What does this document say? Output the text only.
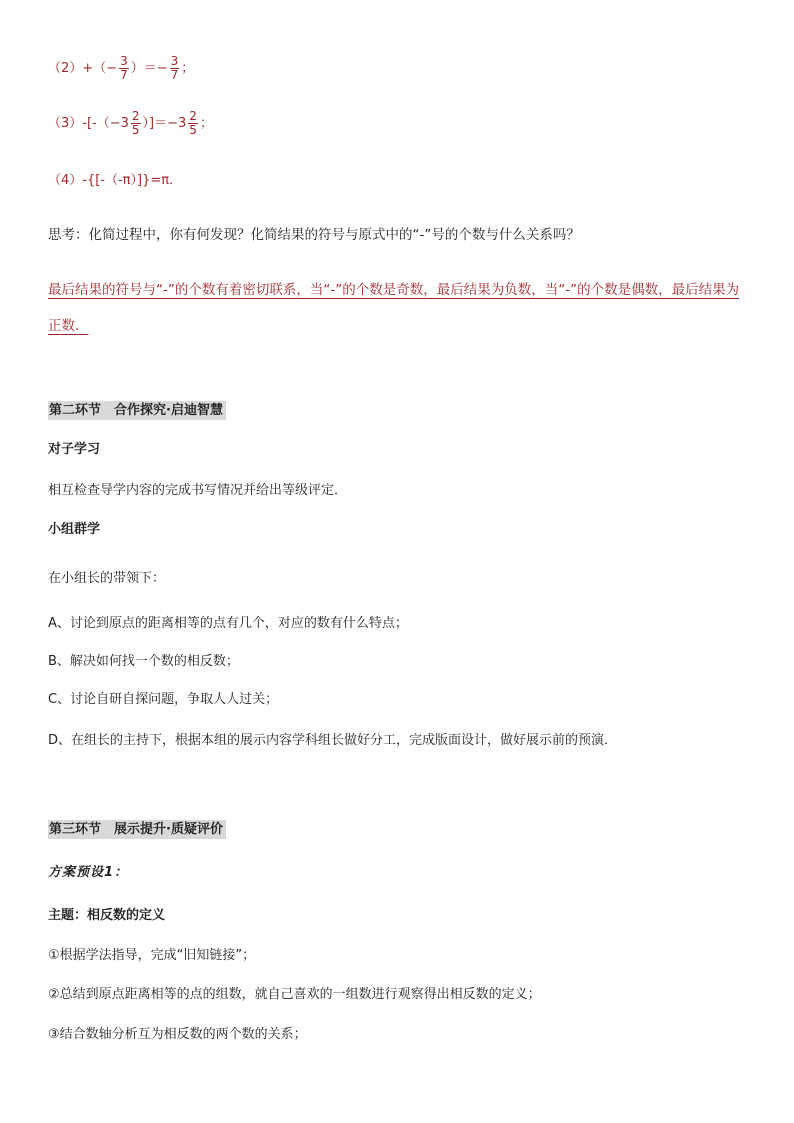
$(2)+(- \frac{3}{7}$ ）＝− $\frac{3}{7}$ ；
$(3)-[-(-3 \frac{2}{5} )]=-3 \frac{2}{5}$ ；
（4）-{[-（-π）]}=π．
思考：化简过程中，你有何发现？化简结果的符号与原式中的“-”号的个数与什么关系吗？
最后结果的符号与“-”的个数有着密切联系，当“-”的个数是奇数，最后结果为负数，当“-”的个数是偶数，最后结果为正数．
第二环节　合作探究·启迪智慧
对子学习
相互检查导学内容的完成书写情况并给出等级评定．
小组群学
在小组长的带领下：
A、讨论到原点的距离相等的点有几个，对应的数有什么特点；
B、解决如何找一个数的相反数；
C、讨论自研自探问题，争取人人过关；
D、在组长的主持下，根据本组的展示内容学科组长做好分工，完成版面设计，做好展示前的预演．
第三环节　展示提升·质疑评价
方案预设1：
主题：相反数的定义
①根据学法指导，完成“旧知链接”；
②总结到原点距离相等的点的组数，就自己喜欢的一组数进行观察得出相反数的定义；
③结合数轴分析互为相反数的两个数的关系；
